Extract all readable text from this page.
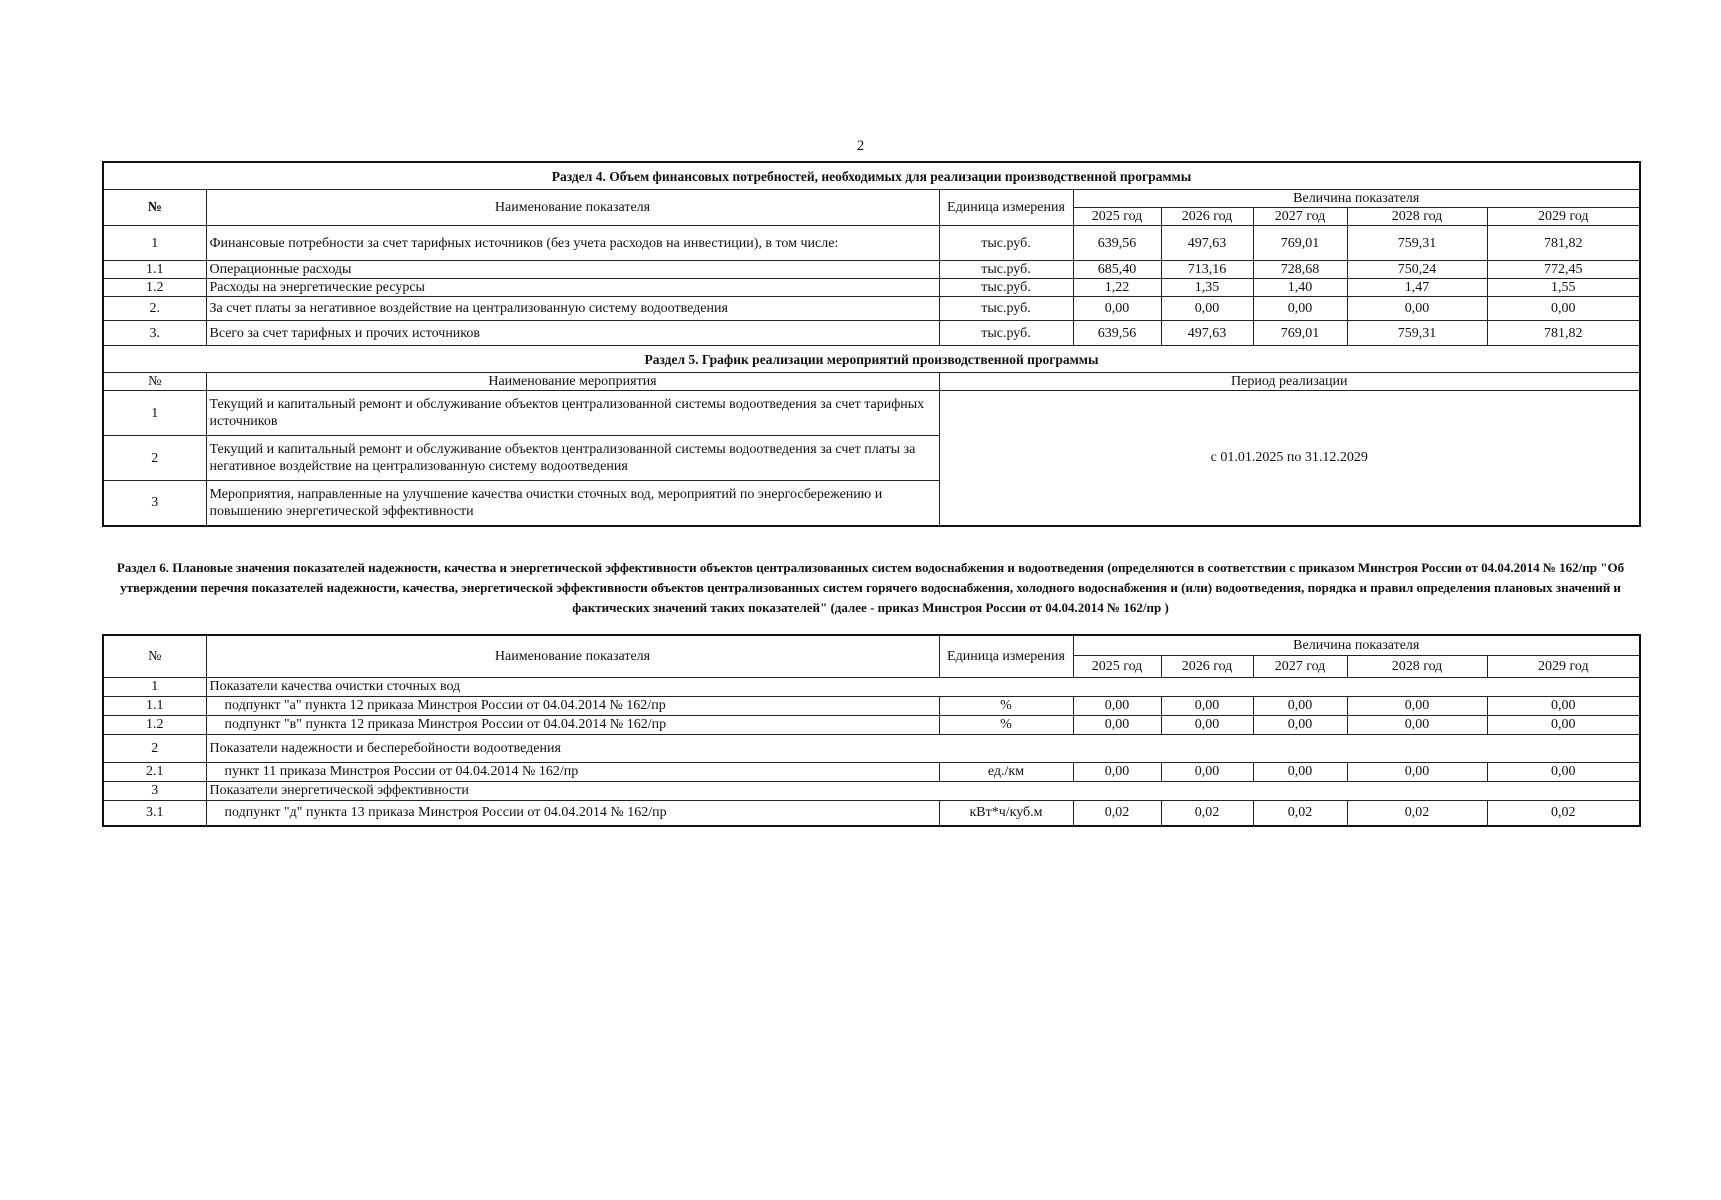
2
Раздел 4. Объем финансовых потребностей, необходимых для реализации производственной программы							
№	Наименование показателя	Единица измерения	Величина показателя				
			2025 год	2026 год	2027 год	2028 год	2029 год
1	Финансовые потребности за счет тарифных источников (без учета расходов на инвестиции), в том числе:	тыс.руб.	639,56	497,63	769,01	759,31	781,82
1.1	Операционные расходы	тыс.руб.	685,40	713,16	728,68	750,24	772,45
1.2	Расходы на энергетические ресурсы	тыс.руб.	1,22	1,35	1,40	1,47	1,55
2.	За счет платы за негативное воздействие на централизованную систему водоотведения	тыс.руб.	0,00	0,00	0,00	0,00	0,00
3.	Всего за счет тарифных и прочих источников	тыс.руб.	639,56	497,63	769,01	759,31	781,82
Раздел 5. График реализации мероприятий производственной программы							
№	Наименование мероприятия	Период реализации					
1	Текущий и капитальный ремонт и обслуживание объектов централизованной системы водоотведения за счет тарифных источников	с 01.01.2025 по 31.12.2029					
2	Текущий и капитальный ремонт и обслуживание объектов централизованной системы водоотведения за счет платы за негативное воздействие на централизованную систему водоотведения						
3	Мероприятия, направленные на улучшение качества очистки сточных вод, мероприятий по энергосбережению и повышению энергетической эффективности						
Раздел 6. Плановые значения показателей надежности, качества и энергетической эффективности объектов централизованных систем водоснабжения и водоотведения (определяются в соответствии с приказом Минстроя России от 04.04.2014 № 162/пр "Об утверждении перечня показателей надежности, качества, энергетической эффективности объектов централизованных систем горячего водоснабжения, холодного водоснабжения и (или) водоотведения, порядка и правил определения плановых значений и фактических значений таких показателей" (далее - приказ Минстроя России от 04.04.2014 № 162/пр )
№	Наименование показателя	Единица измерения	Величина показателя				
			2025 год	2026 год	2027 год	2028 год	2029 год
1	Показатели качества очистки сточных вод						
1.1	подпункт "а" пункта 12 приказа Минстроя России от 04.04.2014 № 162/пр	%	0,00	0,00	0,00	0,00	0,00
1.2	подпункт "в" пункта 12 приказа Минстроя России от 04.04.2014 № 162/пр	%	0,00	0,00	0,00	0,00	0,00
2	Показатели надежности и бесперебойности водоотведения						
2.1	пункт 11 приказа Минстроя России от 04.04.2014 № 162/пр	ед./км	0,00	0,00	0,00	0,00	0,00
3	Показатели энергетической эффективности						
3.1	подпункт "д" пункта 13 приказа Минстроя России от 04.04.2014 № 162/пр	кВт*ч/куб.м	0,02	0,02	0,02	0,02	0,02
